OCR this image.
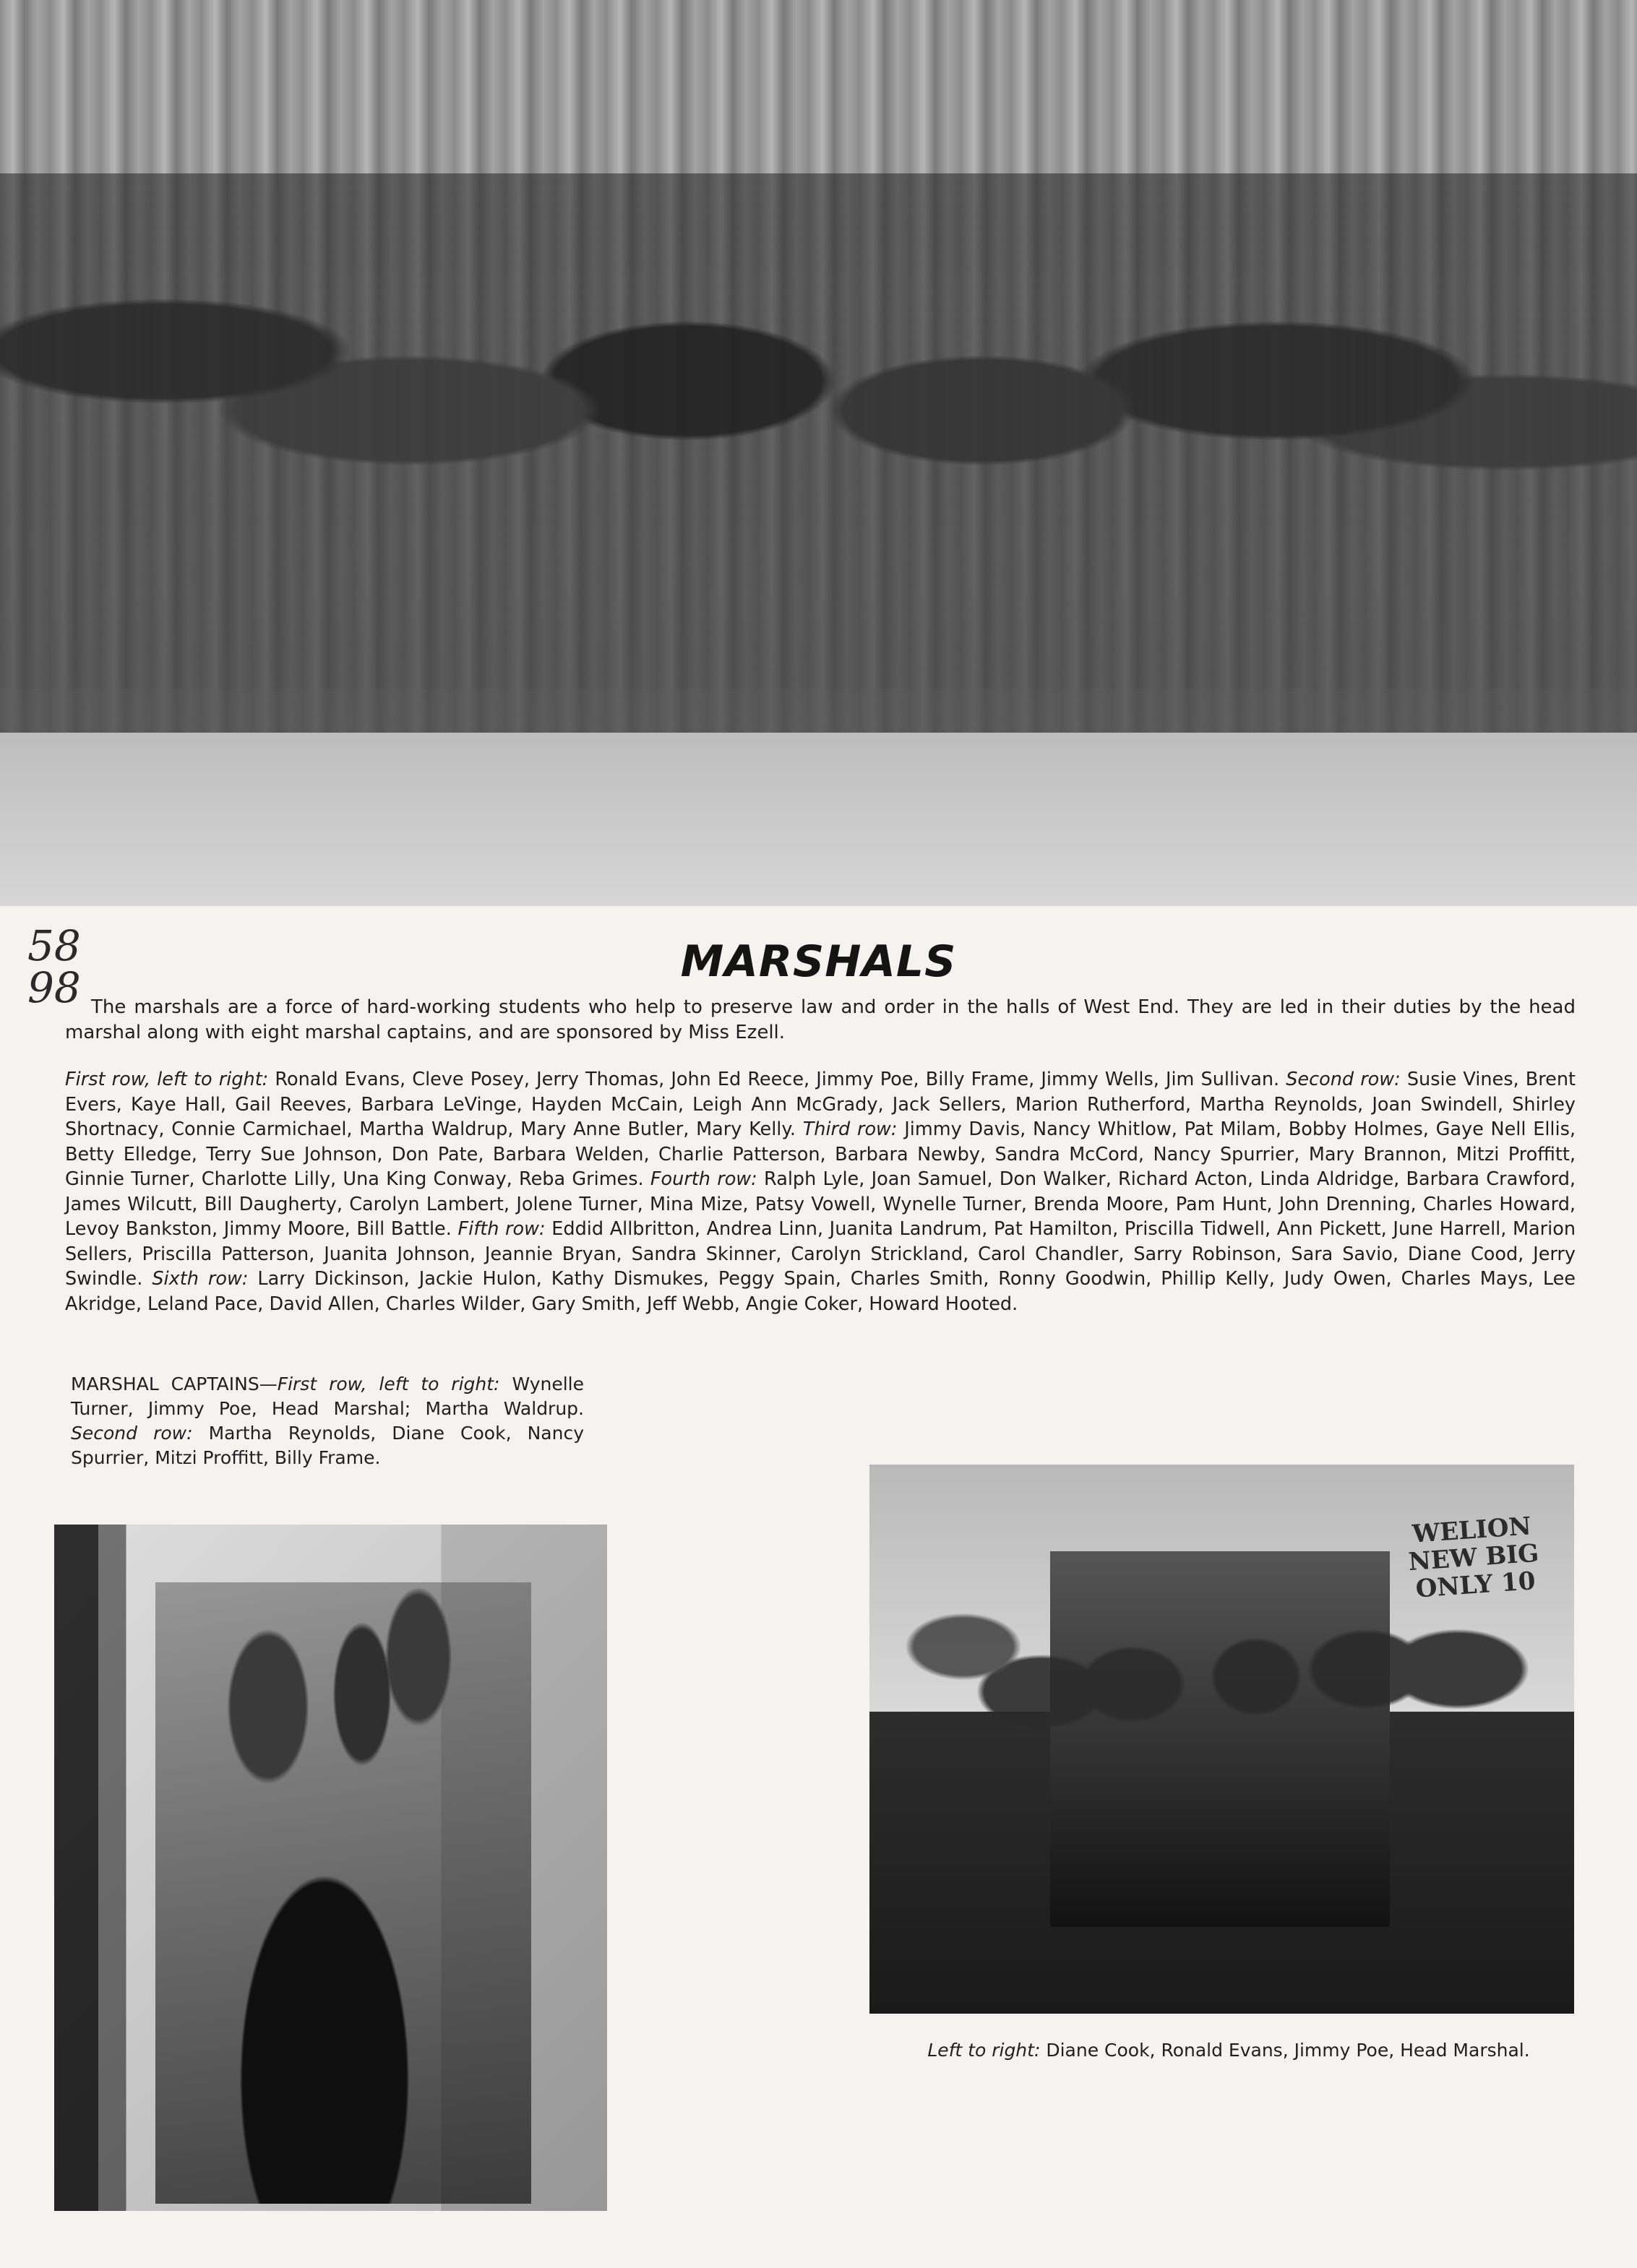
58
98
MARSHALS
The marshals are a force of hard-working students who help to preserve law and order in the halls of West End. They are led in their duties by the head marshal along with eight marshal captains, and are sponsored by Miss Ezell.
First row, left to right: Ronald Evans, Cleve Posey, Jerry Thomas, John Ed Reece, Jimmy Poe, Billy Frame, Jimmy Wells, Jim Sullivan. Second row: Susie Vines, Brent Evers, Kaye Hall, Gail Reeves, Barbara LeVinge, Hayden McCain, Leigh Ann McGrady, Jack Sellers, Marion Rutherford, Martha Reynolds, Joan Swindell, Shirley Shortnacy, Connie Carmichael, Martha Waldrup, Mary Anne Butler, Mary Kelly. Third row: Jimmy Davis, Nancy Whitlow, Pat Milam, Bobby Holmes, Gaye Nell Ellis, Betty Elledge, Terry Sue Johnson, Don Pate, Barbara Welden, Charlie Patterson, Barbara Newby, Sandra McCord, Nancy Spurrier, Mary Brannon, Mitzi Proffitt, Ginnie Turner, Charlotte Lilly, Una King Conway, Reba Grimes. Fourth row: Ralph Lyle, Joan Samuel, Don Walker, Richard Acton, Linda Aldridge, Barbara Crawford, James Wilcutt, Bill Daugherty, Carolyn Lambert, Jolene Turner, Mina Mize, Patsy Vowell, Wynelle Turner, Brenda Moore, Pam Hunt, John Drenning, Charles Howard, Levoy Bankston, Jimmy Moore, Bill Battle. Fifth row: Eddid Allbritton, Andrea Linn, Juanita Landrum, Pat Hamilton, Priscilla Tidwell, Ann Pickett, June Harrell, Marion Sellers, Priscilla Patterson, Juanita Johnson, Jeannie Bryan, Sandra Skinner, Carolyn Strickland, Carol Chandler, Sarry Robinson, Sara Savio, Diane Cood, Jerry Swindle. Sixth row: Larry Dickinson, Jackie Hulon, Kathy Dismukes, Peggy Spain, Charles Smith, Ronny Goodwin, Phillip Kelly, Judy Owen, Charles Mays, Lee Akridge, Leland Pace, David Allen, Charles Wilder, Gary Smith, Jeff Webb, Angie Coker, Howard Hooted.
MARSHAL CAPTAINS—First row, left to right: Wynelle Turner, Jimmy Poe, Head Marshal; Martha Waldrup. Second row: Martha Reynolds, Diane Cook, Nancy Spurrier, Mitzi Proffitt, Billy Frame.
WELION
NEW BIG
ONLY 10
Left to right: Diane Cook, Ronald Evans, Jimmy Poe, Head Marshal.
